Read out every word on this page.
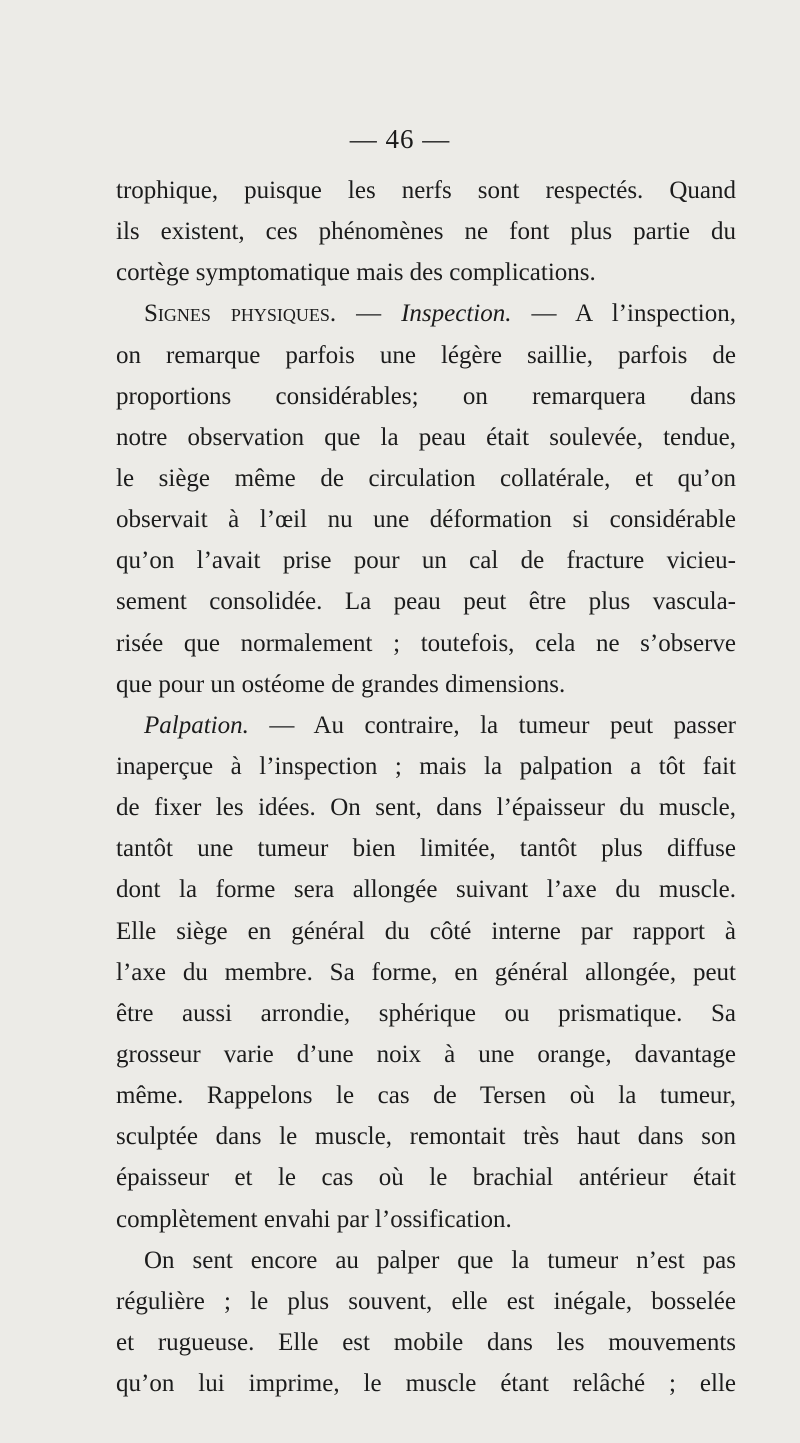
— 46 —
trophique, puisque les nerfs sont respectés. Quand
ils existent, ces phénomènes ne font plus partie du
cortège symptomatique mais des complications.
Signes physiques. — Inspection. — A l’inspection,
on remarque parfois une légère saillie, parfois de
proportions considérables; on remarquera dans
notre observation que la peau était soulevée, tendue,
le siège même de circulation collatérale, et qu’on
observait à l’œil nu une déformation si considérable
qu’on l’avait prise pour un cal de fracture vicieu-
sement consolidée. La peau peut être plus vascula-
risée que normalement ; toutefois, cela ne s’observe
que pour un ostéome de grandes dimensions.
Palpation. — Au contraire, la tumeur peut passer
inaperçue à l’inspection ; mais la palpation a tôt fait
de fixer les idées. On sent, dans l’épaisseur du muscle,
tantôt une tumeur bien limitée, tantôt plus diffuse
dont la forme sera allongée suivant l’axe du muscle.
Elle siège en général du côté interne par rapport à
l’axe du membre. Sa forme, en général allongée, peut
être aussi arrondie, sphérique ou prismatique. Sa
grosseur varie d’une noix à une orange, davantage
même. Rappelons le cas de Tersen où la tumeur,
sculptée dans le muscle, remontait très haut dans son
épaisseur et le cas où le brachial antérieur était
complètement envahi par l’ossification.
On sent encore au palper que la tumeur n’est pas
régulière ; le plus souvent, elle est inégale, bosselée
et rugueuse. Elle est mobile dans les mouvements
qu’on lui imprime, le muscle étant relâché ; elle
